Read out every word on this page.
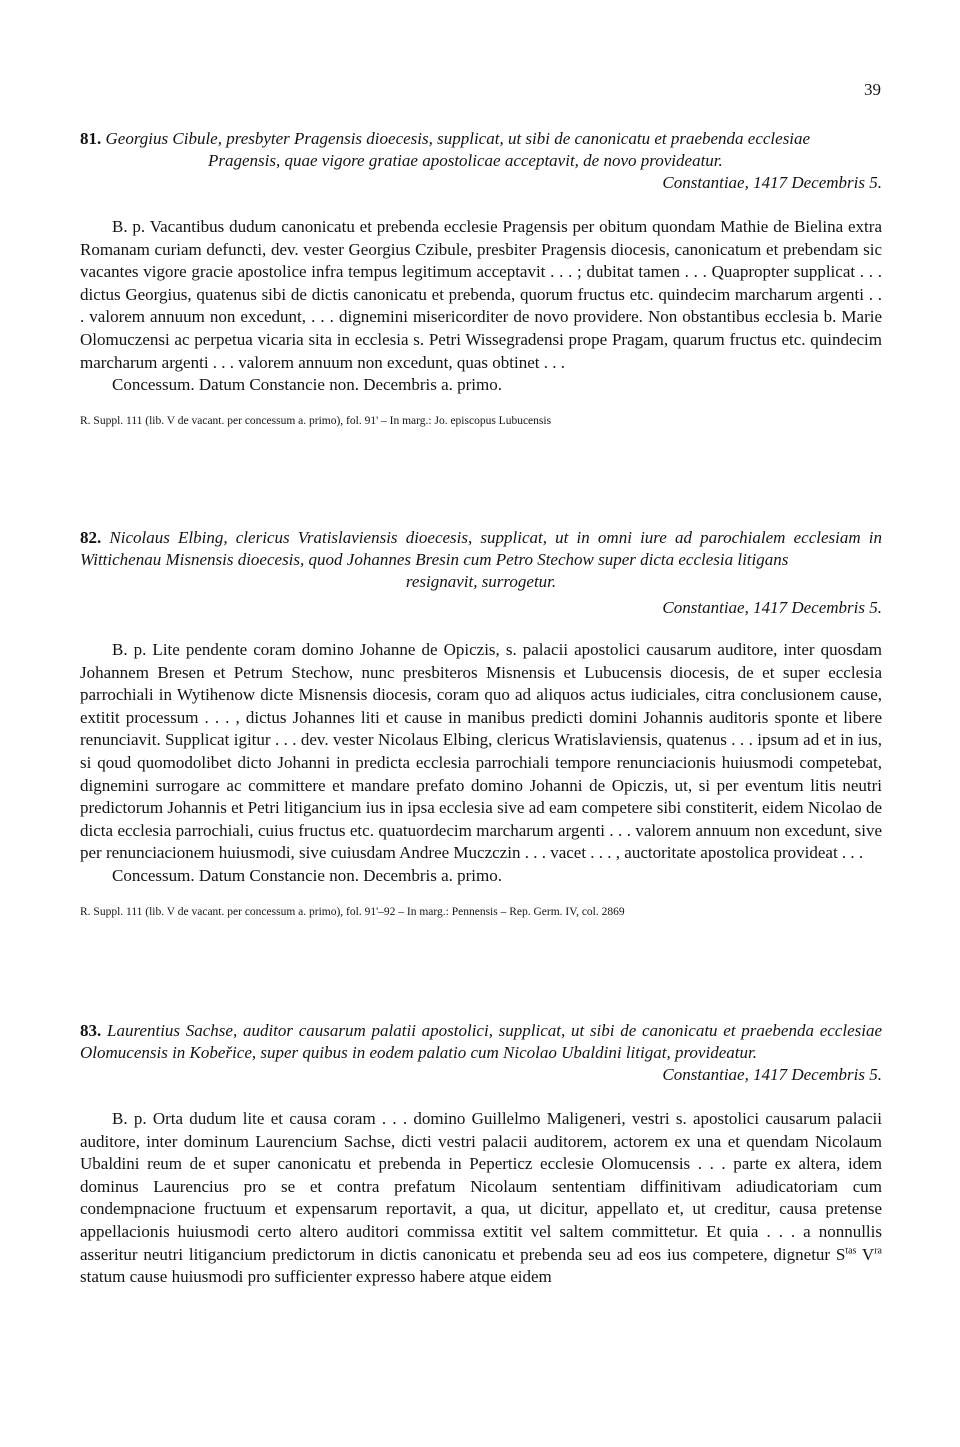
39
81. Georgius Cibule, presbyter Pragensis dioecesis, supplicat, ut sibi de canonicatu et praebenda ecclesiae
Pragensis, quae vigore gratiae apostolicae acceptavit, de novo provideatur.
Constantiae, 1417 Decembris 5.

B. p. Vacantibus dudum canonicatu et prebenda ecclesie Pragensis per obitum quondam Mathie de Bielina extra Romanam curiam defuncti, dev. vester Georgius Czibule, presbiter Pragensis diocesis, canonicatum et prebendam sic vacantes vigore gracie apostolice infra tempus legitimum acceptavit . . . ; dubitat tamen . . . Quapropter supplicat . . . dictus Georgius, quatenus sibi de dictis canonicatu et prebenda, quorum fructus etc. quindecim marcharum argenti . . . valorem annuum non excedunt, . . . dignemini misericorditer de novo providere. Non obstantibus ecclesia b. Marie Olomuczensi ac perpetua vicaria sita in ecclesia s. Petri Wissegradensi prope Pragam, quarum fructus etc. quindecim marcharum argenti . . . valorem annuum non excedunt, quas obtinet . . .

Concessum. Datum Constancie non. Decembris a. primo.

R. Suppl. 111 (lib. V de vacant. per concessum a. primo), fol. 91' – In marg.: Jo. episcopus Lubucensis

82. Nicolaus Elbing, clericus Vratislaviensis dioecesis, supplicat, ut in omni iure ad parochialem ecclesiam in Wittichenau Misnensis dioecesis, quod Johannes Bresin cum Petro Stechow super dicta ecclesia litigans
resignavit, surrogetur.
Constantiae, 1417 Decembris 5.

B. p. Lite pendente coram domino Johanne de Opiczis, s. palacii apostolici causarum auditore, inter quosdam Johannem Bresen et Petrum Stechow, nunc presbiteros Misnensis et Lubucensis diocesis, de et super ecclesia parrochiali in Wytihenow dicte Misnensis diocesis, coram quo ad aliquos actus iudiciales, citra conclusionem cause, extitit processum . . . , dictus Johannes liti et cause in manibus predicti domini Johannis auditoris sponte et libere renunciavit. Supplicat igitur . . . dev. vester Nicolaus Elbing, clericus Wratislaviensis, quatenus . . . ipsum ad et in ius, si qoud quomodolibet dicto Johanni in predicta ecclesia parrochiali tempore renunciacionis huiusmodi competebat, dignemini surrogare ac committere et mandare prefato domino Johanni de Opiczis, ut, si per eventum litis neutri predictorum Johannis et Petri litigancium ius in ipsa ecclesia sive ad eam competere sibi constiterit, eidem Nicolao de dicta ecclesia parrochiali, cuius fructus etc. quatuordecim marcharum argenti . . . valorem annuum non excedunt, sive per renunciacionem huiusmodi, sive cuiusdam Andree Muczczin . . . vacet . . . , auctoritate apostolica provideat . . .

Concessum. Datum Constancie non. Decembris a. primo.

R. Suppl. 111 (lib. V de vacant. per concessum a. primo), fol. 91'–92 – In marg.: Pennensis – Rep. Germ. IV, col. 2869

83. Laurentius Sachse, auditor causarum palatii apostolici, supplicat, ut sibi de canonicatu et praebenda ecclesiae Olomucensis in Kobeřice, super quibus in eodem palatio cum Nicolao Ubaldini litigat, provideatur.
Constantiae, 1417 Decembris 5.

B. p. Orta dudum lite et causa coram . . . domino Guillelmo Maligeneri, vestri s. apostolici causarum palacii auditore, inter dominum Laurencium Sachse, dicti vestri palacii auditorem, actorem ex una et quendam Nicolaum Ubaldini reum de et super canonicatu et prebenda in Peperticz ecclesie Olomucensis . . . parte ex altera, idem dominus Laurencius pro se et contra prefatum Nicolaum sententiam diffinitivam adiudicatoriam cum condempnacione fructuum et expensarum reportavit, a qua, ut dicitur, appellato et, ut creditur, causa pretense appellacionis huiusmodi certo altero auditori commissa extitit vel saltem committetur. Et quia . . . a nonnullis asseritur neutri litigancium predictorum in dictis canonicatu et prebenda seu ad eos ius competere, dignetur $S^{tas}$ $V^{ra}$ statum cause huiusmodi pro sufficienter expresso habere atque eidem
